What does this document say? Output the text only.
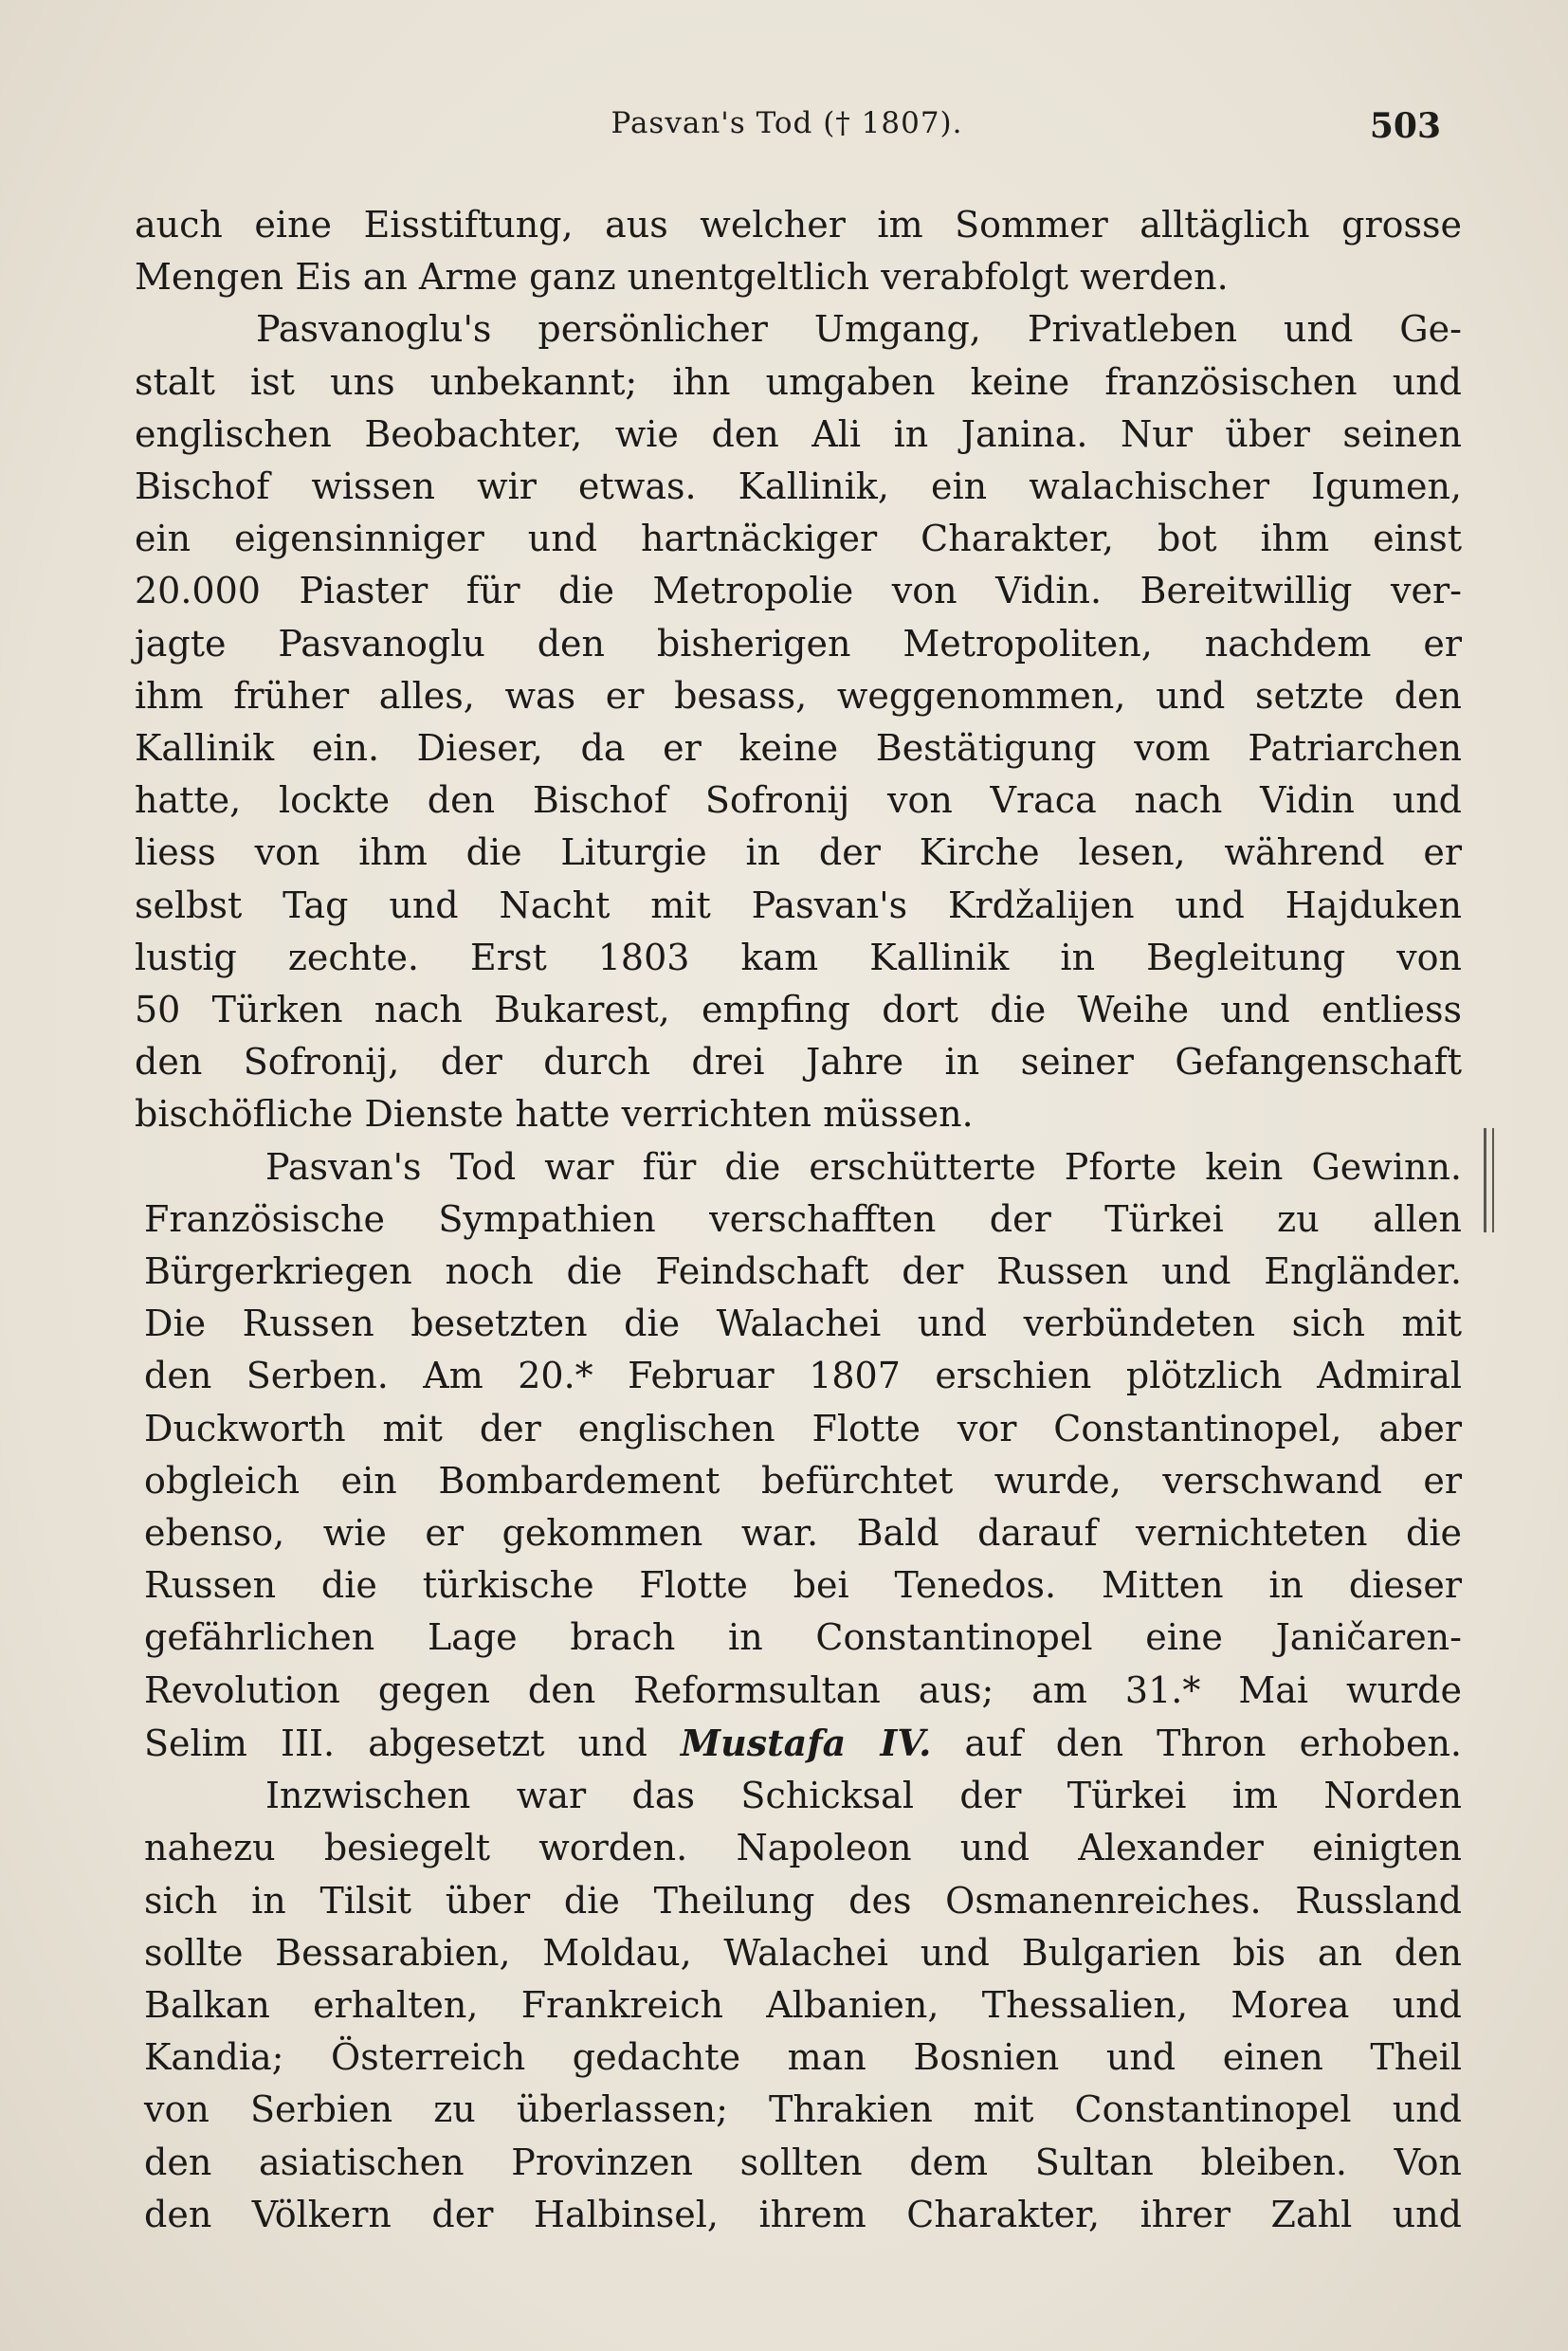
Pasvan's Tod († 1807).	503

auch eine Eisstiftung, aus welcher im Sommer alltäglich grosse
Mengen Eis an Arme ganz unentgeltlich verabfolgt werden.

Pasvanoglu's persönlicher Umgang, Privatleben und Ge-
stalt ist uns unbekannt; ihn umgaben keine französischen und
englischen Beobachter, wie den Ali in Janina. Nur über seinen
Bischof wissen wir etwas. Kallinik, ein walachischer Igumen,
ein eigensinniger und hartnäckiger Charakter, bot ihm einst
20.000 Piaster für die Metropolie von Vidin. Bereitwillig ver-
jagte Pasvanoglu den bisherigen Metropoliten, nachdem er
ihm früher alles, was er besass, weggenommen, und setzte den
Kallinik ein. Dieser, da er keine Bestätigung vom Patriarchen
hatte, lockte den Bischof Sofronij von Vraca nach Vidin und
liess von ihm die Liturgie in der Kirche lesen, während er
selbst Tag und Nacht mit Pasvan's Krdžalijen und Hajduken
lustig zechte. Erst 1803 kam Kallinik in Begleitung von
50 Türken nach Bukarest, empfing dort die Weihe und entliess
den Sofronij, der durch drei Jahre in seiner Gefangenschaft
bischöfliche Dienste hatte verrichten müssen.

Pasvan's Tod war für die erschütterte Pforte kein Gewinn.
Französische Sympathien verschafften der Türkei zu allen
Bürgerkriegen noch die Feindschaft der Russen und Engländer.
Die Russen besetzten die Walachei und verbündeten sich mit
den Serben. Am 20.* Februar 1807 erschien plötzlich Admiral
Duckworth mit der englischen Flotte vor Constantinopel, aber
obgleich ein Bombardement befürchtet wurde, verschwand er
ebenso, wie er gekommen war. Bald darauf vernichteten die
Russen die türkische Flotte bei Tenedos. Mitten in dieser
gefährlichen Lage brach in Constantinopel eine Janičaren-
Revolution gegen den Reformsultan aus; am 31.* Mai wurde
Selim III. abgesetzt und Mustafa IV. auf den Thron erhoben.

Inzwischen war das Schicksal der Türkei im Norden
nahezu besiegelt worden. Napoleon und Alexander einigten
sich in Tilsit über die Theilung des Osmanenreiches. Russland
sollte Bessarabien, Moldau, Walachei und Bulgarien bis an den
Balkan erhalten, Frankreich Albanien, Thessalien, Morea und
Kandia; Österreich gedachte man Bosnien und einen Theil
von Serbien zu überlassen; Thrakien mit Constantinopel und
den asiatischen Provinzen sollten dem Sultan bleiben. Von
den Völkern der Halbinsel, ihrem Charakter, ihrer Zahl und
